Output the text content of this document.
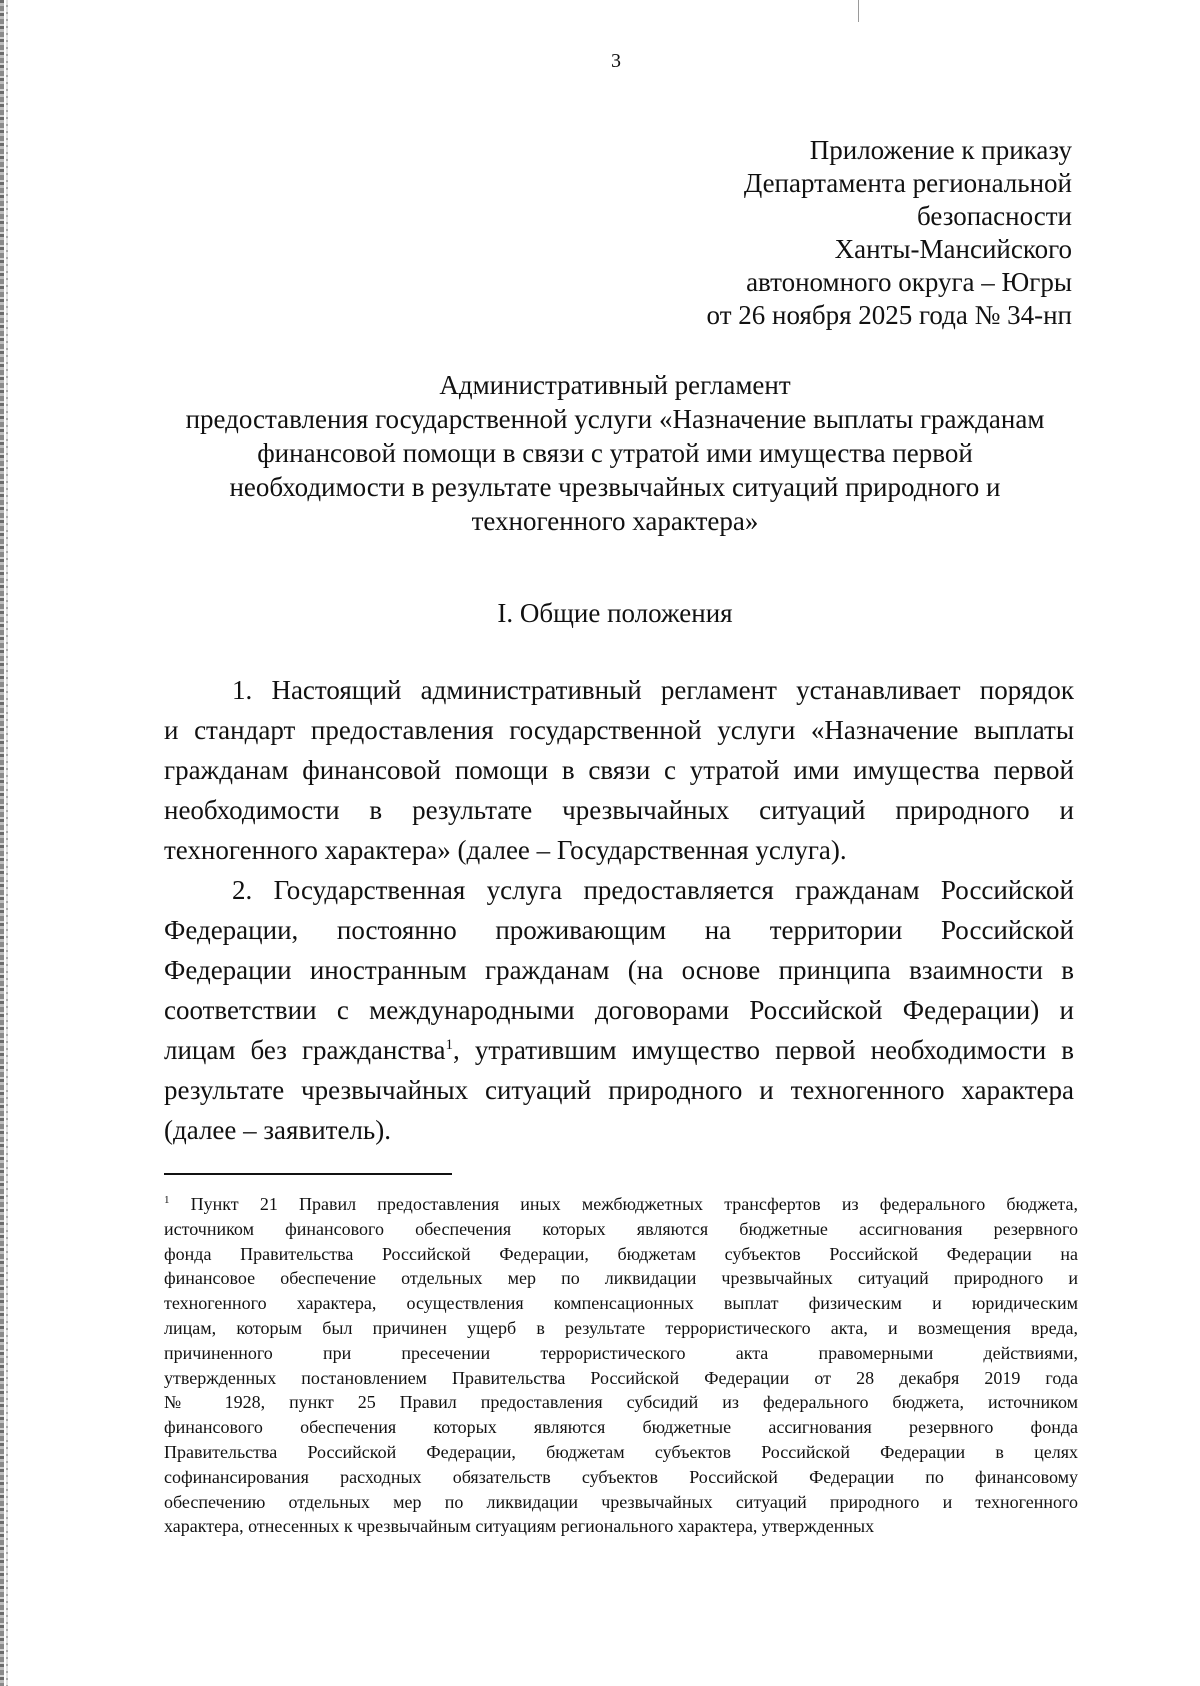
3
Приложение к приказу
Департамента региональной
безопасности
Ханты-Мансийского
автономного округа – Югры
от 26 ноября 2025 года № 34-нп
Административный регламент
предоставления государственной услуги «Назначение выплаты гражданам
финансовой помощи в связи с утратой ими имущества первой
необходимости в результате чрезвычайных ситуаций природного и
техногенного характера»
I. Общие положения
1. Настоящий административный регламент устанавливает порядок
и стандарт предоставления государственной услуги «Назначение выплаты
гражданам финансовой помощи в связи с утратой ими имущества первой
необходимости в результате чрезвычайных ситуаций природного и
техногенного характера» (далее – Государственная услуга).
2. Государственная услуга предоставляется гражданам Российской
Федерации, постоянно проживающим на территории Российской
Федерации иностранным гражданам (на основе принципа взаимности в
соответствии с международными договорами Российской Федерации) и
лицам без гражданства$^1$, утратившим имущество первой необходимости в
результате чрезвычайных ситуаций природного и техногенного характера
(далее – заявитель).
$^1$ Пункт 21 Правил предоставления иных межбюджетных трансфертов из федерального бюджета,
источником финансового обеспечения которых являются бюджетные ассигнования резервного
фонда Правительства Российской Федерации, бюджетам субъектов Российской Федерации на
финансовое обеспечение отдельных мер по ликвидации чрезвычайных ситуаций природного и
техногенного характера, осуществления компенсационных выплат физическим и юридическим
лицам, которым был причинен ущерб в результате террористического акта, и возмещения вреда,
причиненного при пресечении террористического акта правомерными действиями,
утвержденных постановлением Правительства Российской Федерации от 28 декабря 2019 года
№ 1928, пункт 25 Правил предоставления субсидий из федерального бюджета, источником
финансового обеспечения которых являются бюджетные ассигнования резервного фонда
Правительства Российской Федерации, бюджетам субъектов Российской Федерации в целях
софинансирования расходных обязательств субъектов Российской Федерации по финансовому
обеспечению отдельных мер по ликвидации чрезвычайных ситуаций природного и техногенного
характера, отнесенных к чрезвычайным ситуациям регионального характера, утвержденных
